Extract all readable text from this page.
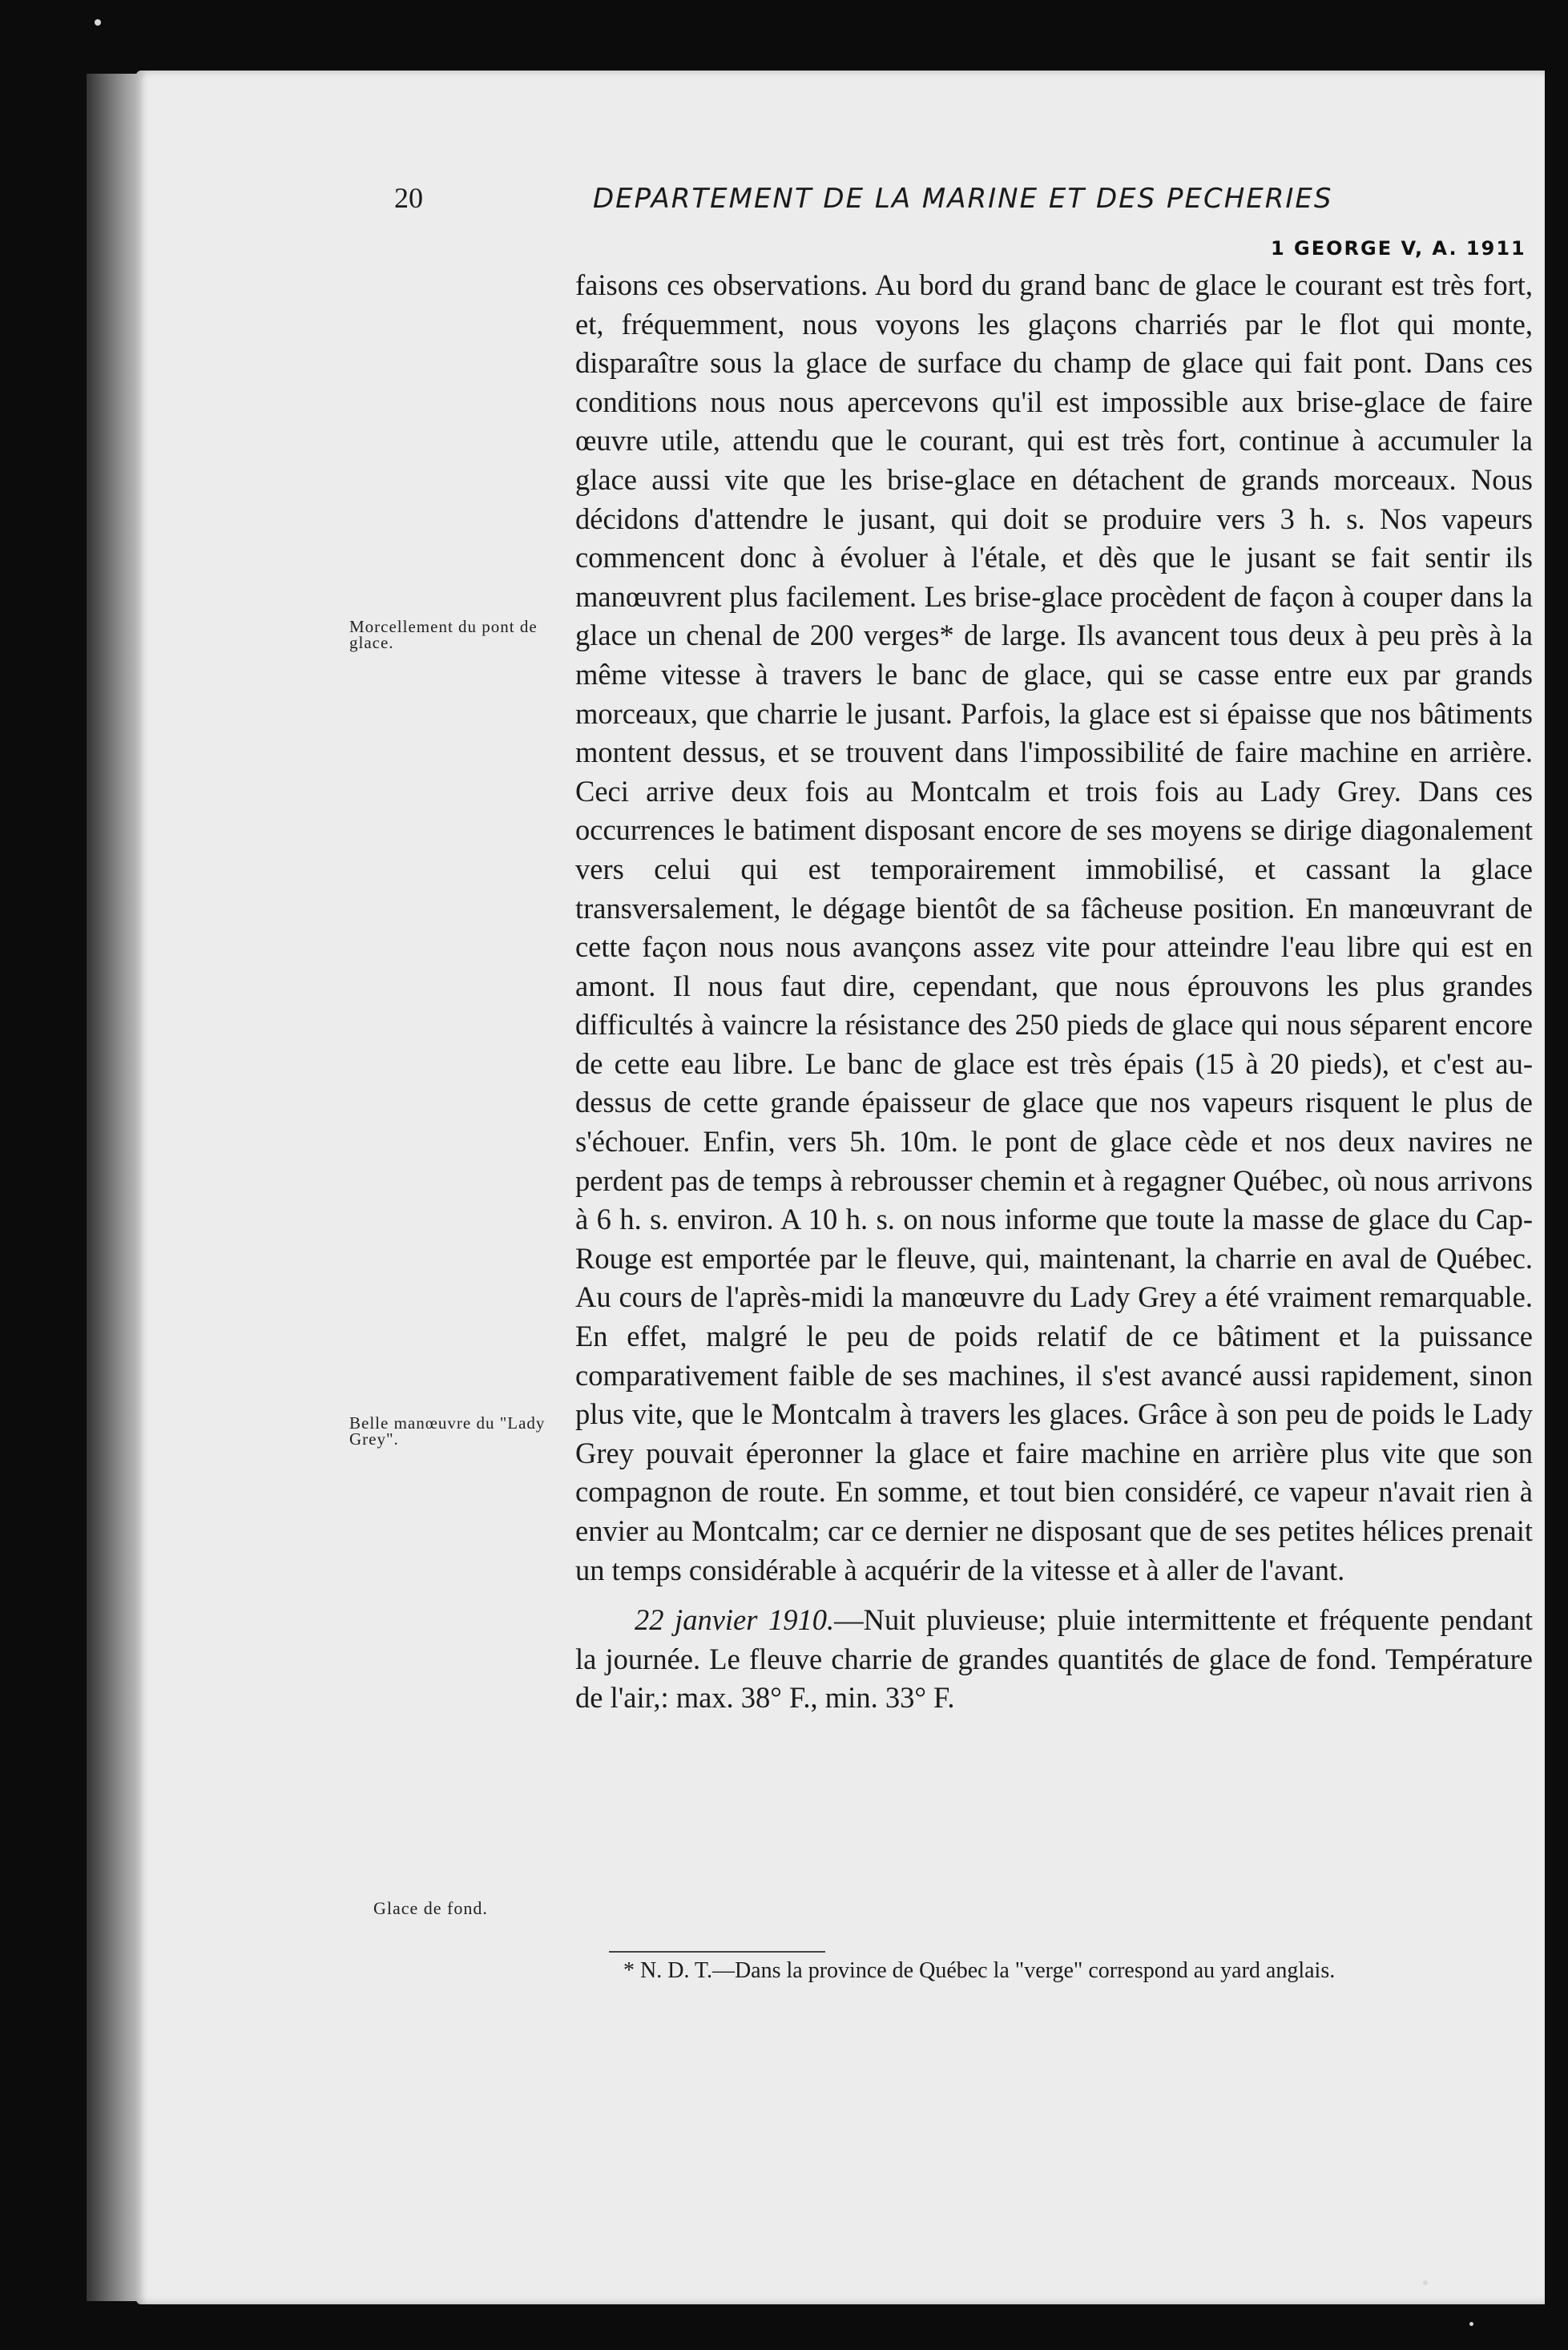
20	DEPARTEMENT DE LA MARINE ET DES PECHERIES
1 GEORGE V, A. 1911
Morcellement du pont de glace.
Belle manœuvre du "Lady Grey".
Glace de fond.

faisons ces observations. Au bord du grand banc de glace le courant est très fort, et, fréquemment, nous voyons les glaçons charriés par le flot qui monte, disparaître sous la glace de surface du champ de glace qui fait pont. Dans ces conditions nous nous apercevons qu'il est impossible aux brise-glace de faire œuvre utile, attendu que le courant, qui est très fort, continue à accumuler la glace aussi vite que les brise-glace en détachent de grands morceaux. Nous décidons d'attendre le jusant, qui doit se produire vers 3 h. s. Nos vapeurs commencent donc à évoluer à l'étale, et dès que le jusant se fait sentir ils manœuvrent plus facilement. Les brise-glace procèdent de façon à couper dans la glace un chenal de 200 verges* de large. Ils avancent tous deux à peu près à la même vitesse à travers le banc de glace, qui se casse entre eux par grands morceaux, que charrie le jusant. Parfois, la glace est si épaisse que nos bâtiments montent dessus, et se trouvent dans l'impossibilité de faire machine en arrière. Ceci arrive deux fois au Montcalm et trois fois au Lady Grey. Dans ces occurrences le batiment disposant encore de ses moyens se dirige diagonalement vers celui qui est temporairement immobilisé, et cassant la glace transversalement, le dégage bientôt de sa fâcheuse position. En manœuvrant de cette façon nous nous avançons assez vite pour atteindre l'eau libre qui est en amont. Il nous faut dire, cependant, que nous éprouvons les plus grandes difficultés à vaincre la résistance des 250 pieds de glace qui nous séparent encore de cette eau libre. Le banc de glace est très épais (15 à 20 pieds), et c'est au-dessus de cette grande épaisseur de glace que nos vapeurs risquent le plus de s'échouer. Enfin, vers 5h. 10m. le pont de glace cède et nos deux navires ne perdent pas de temps à rebrousser chemin et à regagner Québec, où nous arrivons à 6 h. s. environ. A 10 h. s. on nous informe que toute la masse de glace du Cap-Rouge est emportée par le fleuve, qui, maintenant, la charrie en aval de Québec. Au cours de l'après-midi la manœuvre du Lady Grey a été vraiment remarquable. En effet, malgré le peu de poids relatif de ce bâtiment et la puissance comparativement faible de ses machines, il s'est avancé aussi rapidement, sinon plus vite, que le Montcalm à travers les glaces. Grâce à son peu de poids le Lady Grey pouvait éperonner la glace et faire machine en arrière plus vite que son compagnon de route. En somme, et tout bien considéré, ce vapeur n'avait rien à envier au Montcalm; car ce dernier ne disposant que de ses petites hélices prenait un temps considérable à acquérir de la vitesse et à aller de l'avant.

22 janvier 1910.—Nuit pluvieuse; pluie intermittente et fréquente pendant la journée. Le fleuve charrie de grandes quantités de glace de fond. Température de l'air,: max. 38° F., min. 33° F.

* N. D. T.—Dans la province de Québec la "verge" correspond au yard anglais.
